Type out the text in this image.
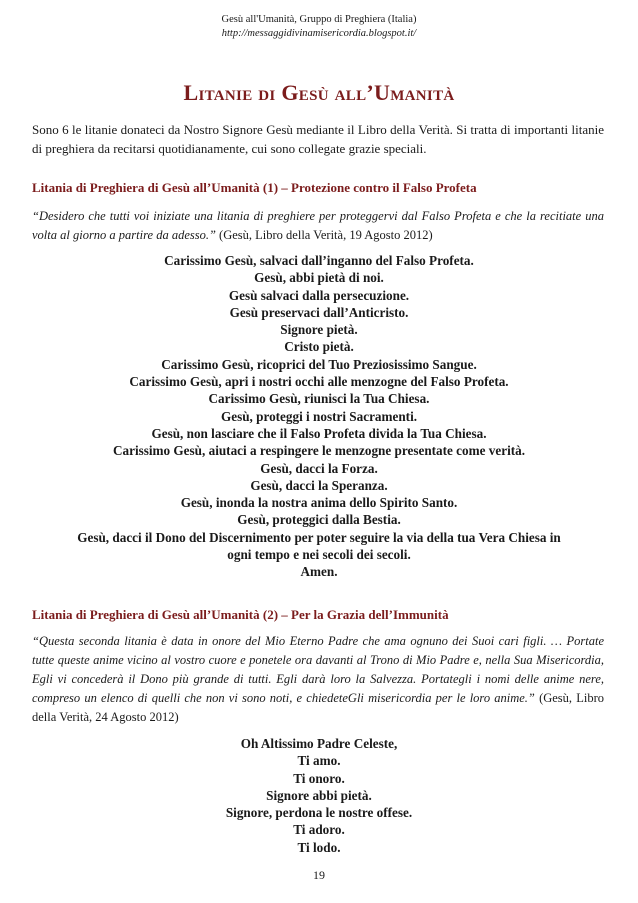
Gesù all'Umanità, Gruppo di Preghiera (Italia)
http://messaggidivinamisericordia.blogspot.it/
Litanie di Gesù all’Umanità
Sono 6 le litanie donateci da Nostro Signore Gesù mediante il Libro della Verità. Si tratta di importanti litanie di preghiera da recitarsi quotidianamente, cui sono collegate grazie speciali.
Litania di Preghiera di Gesù all’Umanità (1) – Protezione contro il Falso Profeta
“Desidero che tutti voi iniziate una litania di preghiere per proteggervi dal Falso Profeta e che la recitiate una volta al giorno a partire da adesso.” (Gesù, Libro della Verità, 19 Agosto 2012)
Carissimo Gesù, salvaci dall’inganno del Falso Profeta.
Gesù, abbi pietà di noi.
Gesù salvaci dalla persecuzione.
Gesù preservaci dall’Anticristo.
Signore pietà.
Cristo pietà.
Carissimo Gesù, ricoprici del Tuo Preziosissimo Sangue.
Carissimo Gesù, apri i nostri occhi alle menzogne del Falso Profeta.
Carissimo Gesù, riunisci la Tua Chiesa.
Gesù, proteggi i nostri Sacramenti.
Gesù, non lasciare che il Falso Profeta divida la Tua Chiesa.
Carissimo Gesù, aiutaci a respingere le menzogne presentate come verità.
Gesù, dacci la Forza.
Gesù, dacci la Speranza.
Gesù, inonda la nostra anima dello Spirito Santo.
Gesù, proteggici dalla Bestia.
Gesù, dacci il Dono del Discernimento per poter seguire la via della tua Vera Chiesa in
ogni tempo e nei secoli dei secoli.
Amen.
Litania di Preghiera di Gesù all’Umanità (2) – Per la Grazia dell’Immunità
“Questa seconda litania è data in onore del Mio Eterno Padre che ama ognuno dei Suoi cari figli. … Portate tutte queste anime vicino al vostro cuore e ponetele ora davanti al Trono di Mio Padre e, nella Sua Misericordia, Egli vi concederà il Dono più grande di tutti. Egli darà loro la Salvezza. Portategli i nomi delle anime nere, compreso un elenco di quelli che non vi sono noti, e chiedeteGli misericordia per le loro anime.” (Gesù, Libro della Verità, 24 Agosto 2012)
Oh Altissimo Padre Celeste,
Ti amo.
Ti onoro.
Signore abbi pietà.
Signore, perdona le nostre offese.
Ti adoro.
Ti lodo.
19
